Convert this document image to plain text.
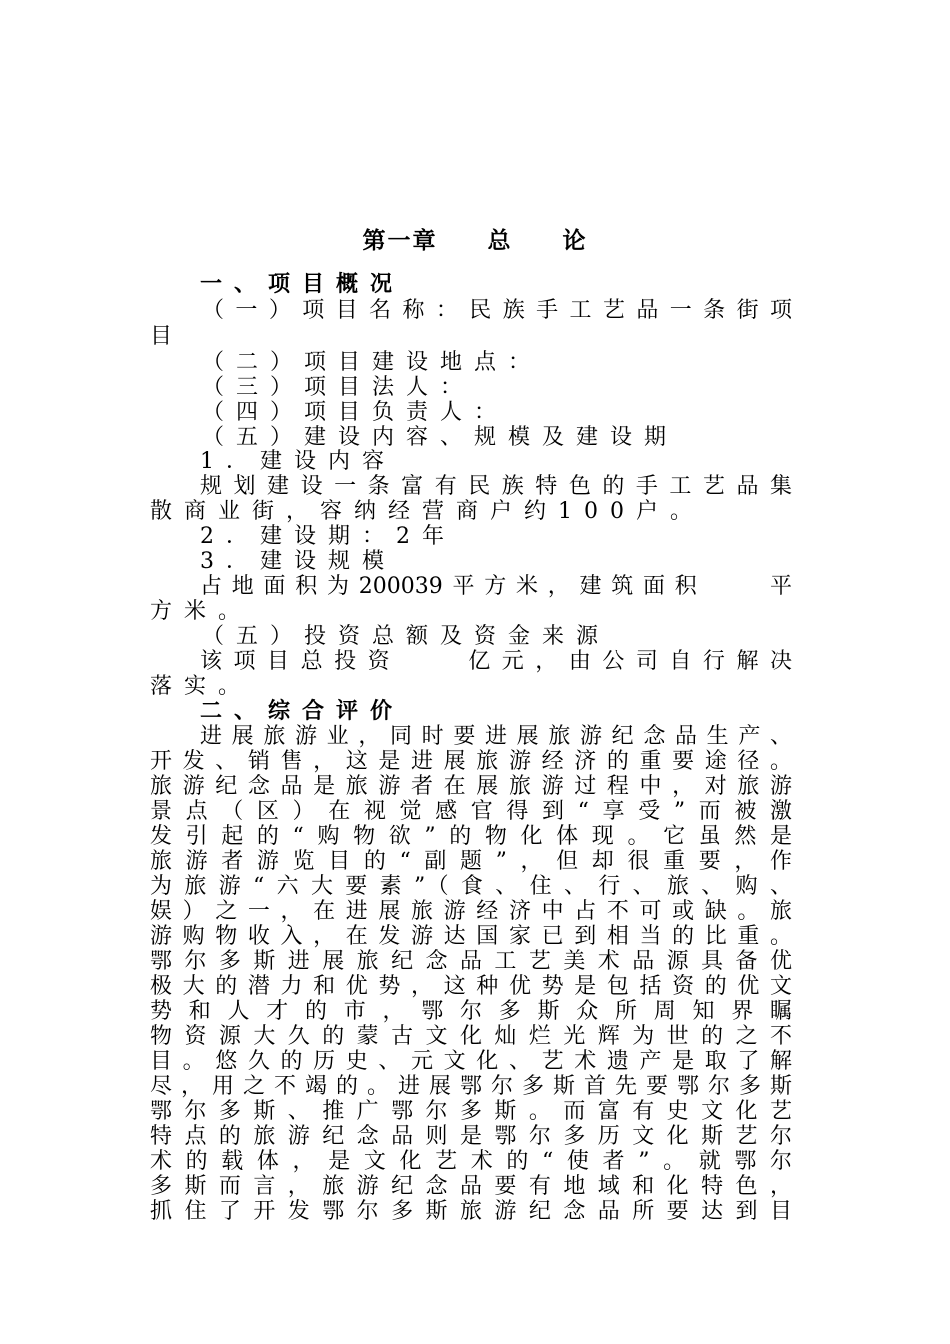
第一章　　总　　论
一、项目概况
（一）项目名称：民族手工艺品一条街项
目
（二）项目建设地点：
（三）项目法人：
（四）项目负责人：
（五）建设内容、规模及建设期
1．建设内容
规划建设一条富有民族特色的手工艺品集
散商业街，容纳经营商户约100户。
2．建设期：2年
3．建设规模
占地面积为200039平方米，建筑面积　　平
方米。
（五）投资总额及资金来源
该项目总投资　　亿元，由公司自行解决
落实。
二、综合评价
进展旅游业，同时要进展旅游纪念品生产、
开发、销售，这是进展旅游经济的重要途径。
旅游纪念品是旅游者在展旅游过程中，对旅游
景点（区）在视觉感官得到“享受”而被激
发引起的“购物欲”的物化体现。它虽然是
旅游者游览目的“副题”，但却很重要，作
为旅游“六大要素”（食、住、行、旅、购、
娱）之一，在进展旅游经济中占不可或缺。旅
游购物收入，在发游达国家已到相当的比重。
鄂尔多斯进展旅纪念品工艺美术品源具备优
极大的潜力和优势，这种优势是包括资的优文
势和人才的市，鄂尔多斯众所周知界瞩
物资源大久的蒙古文化灿烂光辉为世的之不
目。悠久的历史、元文化、艺术遗产是取了解
尽，用之不竭的。进展鄂尔多斯首先要鄂尔多斯
鄂尔多斯、推广鄂尔多斯。而富有史文化艺
特点的旅游纪念品则是鄂尔多历文化斯艺尔
术的载体，是文化艺术的“使者”。就鄂尔
多斯而言，旅游纪念品要有地域和化特色，
抓住了开发鄂尔多斯旅游纪念品所要达到目
